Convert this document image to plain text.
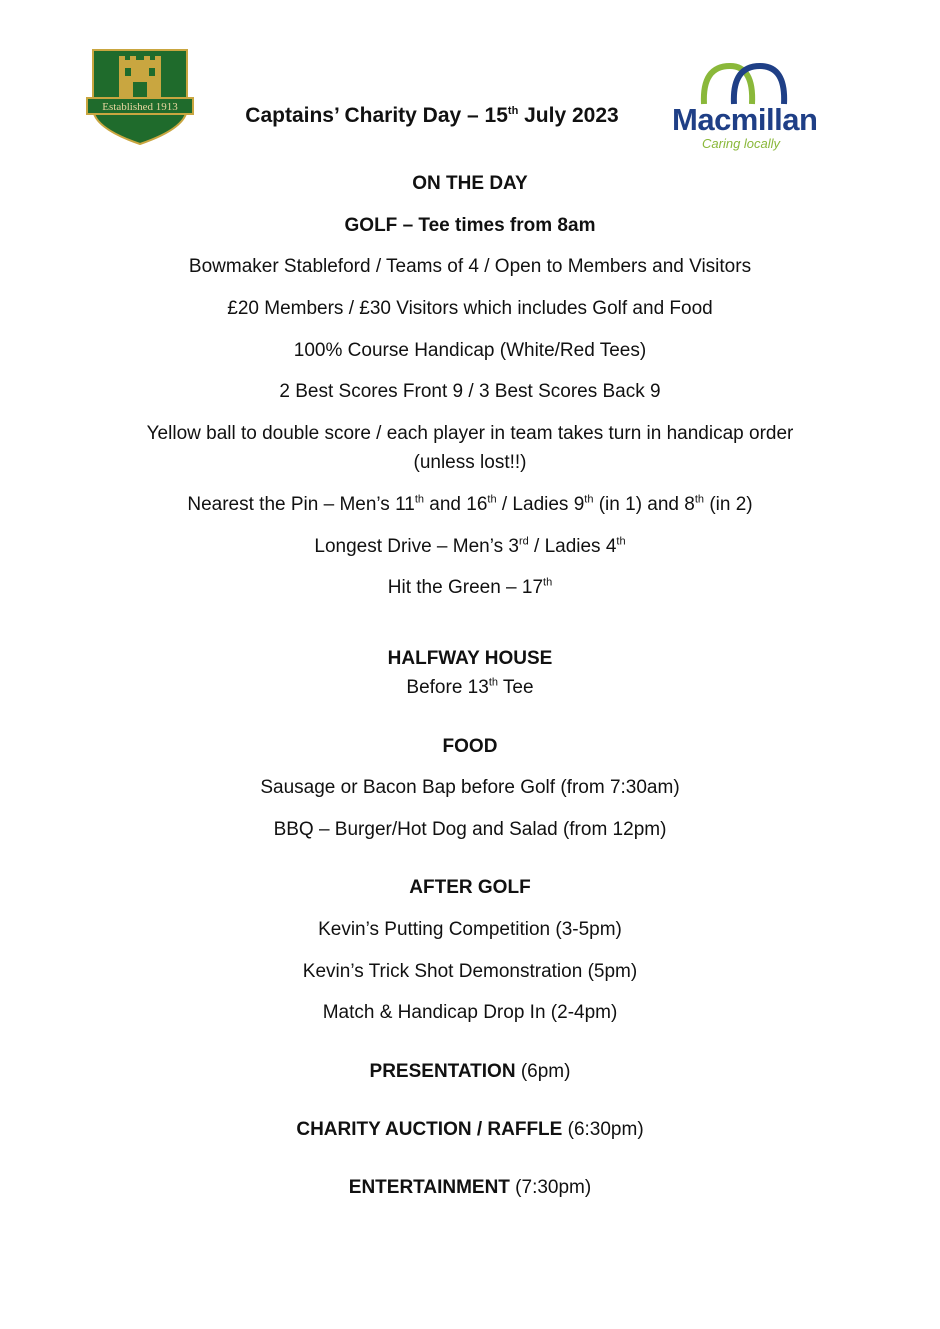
Established 1913	Macmillan
Caring locally
Captains’ Charity Day – 15th July 2023
ON THE DAY
GOLF – Tee times from 8am
Bowmaker Stableford / Teams of 4 / Open to Members and Visitors
£20 Members / £30 Visitors which includes Golf and Food
100% Course Handicap (White/Red Tees)
2 Best Scores Front 9 / 3 Best Scores Back 9
Yellow ball to double score / each player in team takes turn in handicap order
(unless lost!!)
Nearest the Pin – Men’s 11th and 16th / Ladies 9th (in 1) and 8th (in 2)
Longest Drive – Men’s 3rd / Ladies 4th
Hit the Green – 17th
HALFWAY HOUSE
Before 13th Tee
FOOD
Sausage or Bacon Bap before Golf (from 7:30am)
BBQ – Burger/Hot Dog and Salad (from 12pm)
AFTER GOLF
Kevin’s Putting Competition (3-5pm)
Kevin’s Trick Shot Demonstration (5pm)
Match & Handicap Drop In (2-4pm)
PRESENTATION (6pm)
CHARITY AUCTION / RAFFLE (6:30pm)
ENTERTAINMENT (7:30pm)
